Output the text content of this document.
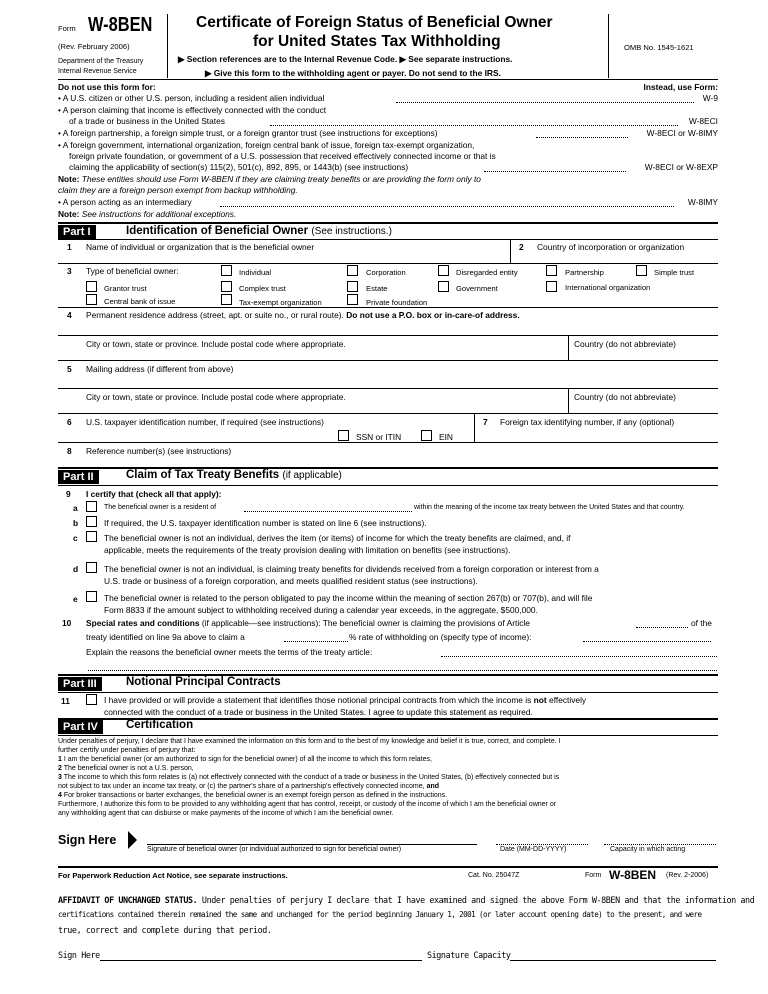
Form W-8BEN
(Rev. February 2006)
Department of the Treasury
Internal Revenue Service
Certificate of Foreign Status of Beneficial Owner
for United States Tax Withholding
▶ Section references are to the Internal Revenue Code. ▶ See separate instructions.
▶ Give this form to the withholding agent or payer. Do not send to the IRS.
OMB No. 1545-1621
Do not use this form for:	Instead, use Form:
• A U.S. citizen or other U.S. person, including a resident alien individual	W-9
• A person claiming that income is effectively connected with the conduct
of a trade or business in the United States	W-8ECI
• A foreign partnership, a foreign simple trust, or a foreign grantor trust (see instructions for exceptions)	W-8ECI or W-8IMY
• A foreign government, international organization, foreign central bank of issue, foreign tax-exempt organization,
foreign private foundation, or government of a U.S. possession that received effectively connected income or that is
claiming the applicability of section(s) 115(2), 501(c), 892, 895, or 1443(b) (see instructions)	W-8ECI or W-8EXP
Note: These entities should use Form W-8BEN if they are claiming treaty benefits or are providing the form only to
claim they are a foreign person exempt from backup withholding.
• A person acting as an intermediary	W-8IMY
Note: See instructions for additional exceptions.
Part I	Identification of Beneficial Owner (See instructions.)
1 Name of individual or organization that is the beneficial owner	2 Country of incorporation or organization
3 Type of beneficial owner:	Individual	Corporation	Disregarded entity	Partnership	Simple trust
Grantor trust	Complex trust	Estate	Government	International organization
Central bank of issue	Tax-exempt organization	Private foundation
4 Permanent residence address (street, apt. or suite no., or rural route). Do not use a P.O. box or in-care-of address.
City or town, state or province. Include postal code where appropriate.	Country (do not abbreviate)
5 Mailing address (if different from above)
City or town, state or province. Include postal code where appropriate.	Country (do not abbreviate)
6 U.S. taxpayer identification number, if required (see instructions)
SSN or ITIN	EIN
7 Foreign tax identifying number, if any (optional)
8 Reference number(s) (see instructions)
Part II	Claim of Tax Treaty Benefits (if applicable)
9 I certify that (check all that apply):
a	The beneficial owner is a resident of	within the meaning of the income tax treaty between the United States and that country.
b	If required, the U.S. taxpayer identification number is stated on line 6 (see instructions).
c	The beneficial owner is not an individual, derives the item (or items) of income for which the treaty benefits are claimed, and, if
applicable, meets the requirements of the treaty provision dealing with limitation on benefits (see instructions).
d	The beneficial owner is not an individual, is claiming treaty benefits for dividends received from a foreign corporation or interest from a
U.S. trade or business of a foreign corporation, and meets qualified resident status (see instructions).
e	The beneficial owner is related to the person obligated to pay the income within the meaning of section 267(b) or 707(b), and will file
Form 8833 if the amount subject to withholding received during a calendar year exceeds, in the aggregate, $500,000.
10 Special rates and conditions (if applicable—see instructions): The beneficial owner is claiming the provisions of Article	of the
treaty identified on line 9a above to claim a	% rate of withholding on (specify type of income):
Explain the reasons the beneficial owner meets the terms of the treaty article:
Part III	Notional Principal Contracts
11	I have provided or will provide a statement that identifies those notional principal contracts from which the income is not effectively
connected with the conduct of a trade or business in the United States. I agree to update this statement as required.
Part IV	Certification
Under penalties of perjury, I declare that I have examined the information on this form and to the best of my knowledge and belief it is true, correct, and complete. I
further certify under penalties of perjury that:
1 I am the beneficial owner (or am authorized to sign for the beneficial owner) of all the income to which this form relates,
2 The beneficial owner is not a U.S. person,
3 The income to which this form relates is (a) not effectively connected with the conduct of a trade or business in the United States, (b) effectively connected but is
not subject to tax under an income tax treaty, or (c) the partner's share of a partnership's effectively connected income, and
4 For broker transactions or barter exchanges, the beneficial owner is an exempt foreign person as defined in the instructions.
Furthermore, I authorize this form to be provided to any withholding agent that has control, receipt, or custody of the income of which I am the beneficial owner or
any withholding agent that can disburse or make payments of the income of which I am the beneficial owner.
Sign Here
Signature of beneficial owner (or individual authorized to sign for beneficial owner)	Date (MM-DD-YYYY)	Capacity in which acting
For Paperwork Reduction Act Notice, see separate instructions.	Cat. No. 25047Z	Form W-8BEN (Rev. 2-2006)
AFFIDAVIT OF UNCHANGED STATUS. Under penalties of perjury I declare that I have examined and signed the above Form W-8BEN and that the information and
certifications contained therein remained the same and unchanged for the period beginning January 1, 2001 (or later account opening date) to the present, and were
true, correct and complete during that period.
Sign Here	Signature Capacity
